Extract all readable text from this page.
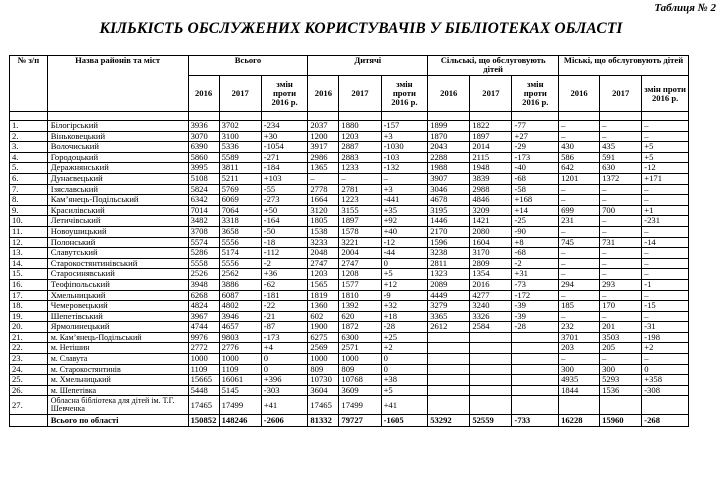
Таблиця № 2
КІЛЬКІСТЬ ОБСЛУЖЕНИХ КОРИСТУВАЧІВ У БІБЛІОТЕКАХ ОБЛАСТІ
№ з/п	Назва районів та міст	Всього			Дитячі			Сільські, що обслуговують дітей			Міські, що обслуговують дітей		
		2016	2017	змін проти 2016 р.	2016	2017	змін проти 2016 р.	2016	2017	змін проти 2016 р.	2016	2017	змін проти 2016 р.

1.	Білогірський	3936	3702	-234	2037	1880	-157	1899	1822	-77	–	–	–
2.	Віньковецький	3070	3100	+30	1200	1203	+3	1870	1897	+27	–	–	–
3.	Волочиський	6390	5336	-1054	3917	2887	-1030	2043	2014	-29	430	435	+5
4.	Городоцький	5860	5589	-271	2986	2883	-103	2288	2115	-173	586	591	+5
5.	Деражнянський	3995	3811	-184	1365	1233	-132	1988	1948	-40	642	630	-12
6.	Дунаєвецький	5108	5211	+103	–	–	–	3907	3839	-68	1201	1372	+171
7.	Ізяславський	5824	5769	-55	2778	2781	+3	3046	2988	-58	–	–	–
8.	Кам’янець-Подільський	6342	6069	-273	1664	1223	-441	4678	4846	+168	–	–	–
9.	Красилівський	7014	7064	+50	3120	3155	+35	3195	3209	+14	699	700	+1
10.	Летичівський	3482	3318	-164	1805	1897	+92	1446	1421	-25	231	–	-231
11.	Новоушицький	3708	3658	-50	1538	1578	+40	2170	2080	-90	–	–	–
12.	Полонський	5574	5556	-18	3233	3221	-12	1596	1604	+8	745	731	-14
13.	Славутський	5286	5174	-112	2048	2004	-44	3238	3170	-68	–	–	–
14.	Старокостянтинівський	5558	5556	-2	2747	2747	0	2811	2809	-2	–	–	–
15.	Старосинявський	2526	2562	+36	1203	1208	+5	1323	1354	+31	–	–	–
16.	Теофіпольський	3948	3886	-62	1565	1577	+12	2089	2016	-73	294	293	-1
17.	Хмельницький	6268	6087	-181	1819	1810	-9	4449	4277	-172	–	–	–
18.	Чемеровецький	4824	4802	-22	1360	1392	+32	3279	3240	-39	185	170	-15
19.	Шепетівський	3967	3946	-21	602	620	+18	3365	3326	-39	–	–	–
20.	Ярмолинецький	4744	4657	-87	1900	1872	-28	2612	2584	-28	232	201	-31
21.	м. Кам’янець-Подільський	9976	9803	-173	6275	6300	+25				3701	3503	-198
22.	м. Нетішин	2772	2776	+4	2569	2571	+2				203	205	+2
23.	м. Славута	1000	1000	0	1000	1000	0				–	–	–
24.	м. Старокостянтинів	1109	1109	0	809	809	0				300	300	0
25.	м. Хмельницький	15665	16061	+396	10730	10768	+38				4935	5293	+358
26.	м. Шепетівка	5448	5145	-303	3604	3609	+5				1844	1536	-308
27.	Обласна бібліотека для дітей ім. Т.Г. Шевченка	17465	17499	+41	17465	17499	+41						
	Всього по області	150852	148246	-2606	81332	79727	-1605	53292	52559	-733	16228	15960	-268
